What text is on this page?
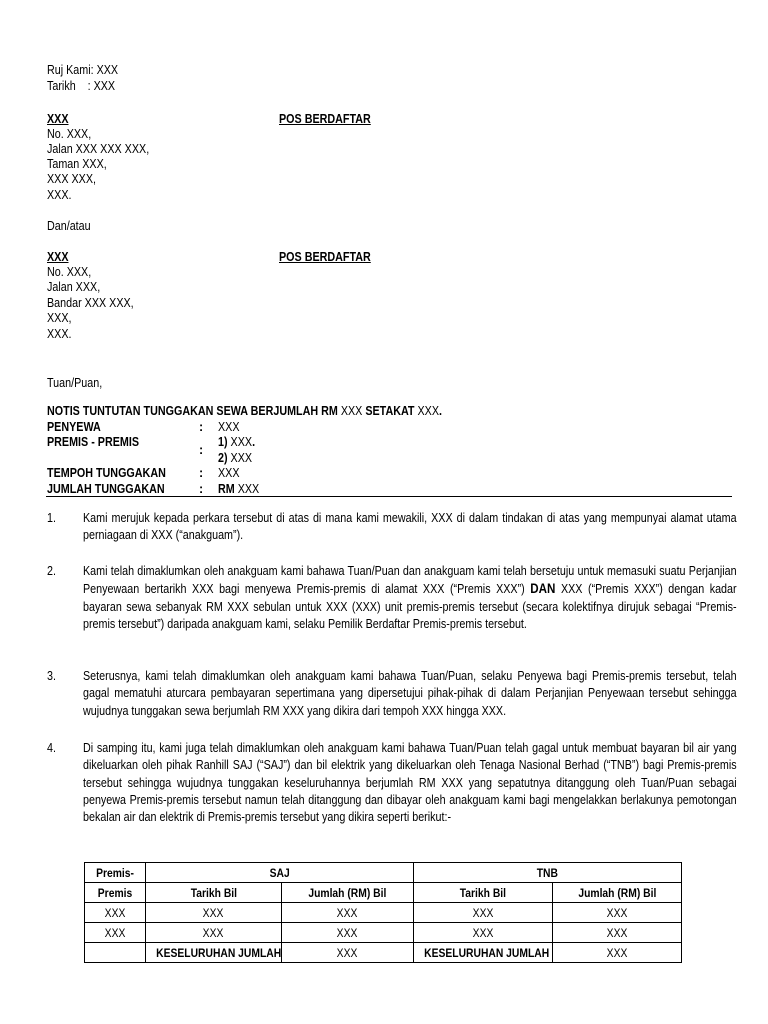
Ruj Kami: XXX
Tarikh    : XXX
XXX	POS BERDAFTAR
No. XXX,
Jalan XXX XXX XXX,
Taman XXX,
XXX XXX,
XXX.
Dan/atau
XXX	POS BERDAFTAR
No. XXX,
Jalan XXX,
Bandar XXX XXX,
XXX,
XXX.
Tuan/Puan,
NOTIS TUNTUTAN TUNGGAKAN SEWA BERJUMLAH RM XXX SETAKAT XXX.
PENYEWA	: XXX
PREMIS - PREMIS
:
1) XXX.
2) XXX
TEMPOH TUNGGAKAN	: XXX
JUMLAH TUNGGAKAN	: RM XXX
1. Kami merujuk kepada perkara tersebut di atas di mana kami mewakili, XXX di dalam tindakan di atas yang mempunyai alamat utama perniagaan di XXX (“anakguam”).
2. Kami telah dimaklumkan oleh anakguam kami bahawa Tuan/Puan dan anakguam kami telah bersetuju untuk memasuki suatu Perjanjian Penyewaan bertarikh XXX bagi menyewa Premis-premis di alamat XXX (“Premis XXX”) DAN XXX (“Premis XXX”) dengan kadar bayaran sewa sebanyak RM XXX sebulan untuk XXX (XXX) unit premis-premis tersebut (secara kolektifnya dirujuk sebagai “Premis-premis tersebut”) daripada anakguam kami, selaku Pemilik Berdaftar Premis-premis tersebut.
3. Seterusnya, kami telah dimaklumkan oleh anakguam kami bahawa Tuan/Puan, selaku Penyewa bagi Premis-premis tersebut, telah gagal mematuhi aturcara pembayaran sepertimana yang dipersetujui pihak-pihak di dalam Perjanjian Penyewaan tersebut sehingga wujudnya tunggakan sewa berjumlah RM XXX yang dikira dari tempoh XXX hingga XXX.
4. Di samping itu, kami juga telah dimaklumkan oleh anakguam kami bahawa Tuan/Puan telah gagal untuk membuat bayaran bil air yang dikeluarkan oleh pihak Ranhill SAJ (“SAJ”) dan bil elektrik yang dikeluarkan oleh Tenaga Nasional Berhad (“TNB”) bagi Premis-premis tersebut sehingga wujudnya tunggakan keseluruhannya berjumlah RM XXX yang sepatutnya ditanggung oleh Tuan/Puan sebagai penyewa Premis-premis tersebut namun telah ditanggung dan dibayar oleh anakguam kami bagi mengelakkan berlakunya pemotongan bekalan air dan elektrik di Premis-premis tersebut yang dikira seperti berikut:-
Premis-	SAJ		TNB	
Premis	Tarikh Bil	Jumlah (RM) Bil	Tarikh Bil	Jumlah (RM) Bil
XXX	XXX	XXX	XXX	XXX
XXX	XXX	XXX	XXX	XXX
	KESELURUHAN JUMLAH	XXX	KESELURUHAN JUMLAH	XXX
